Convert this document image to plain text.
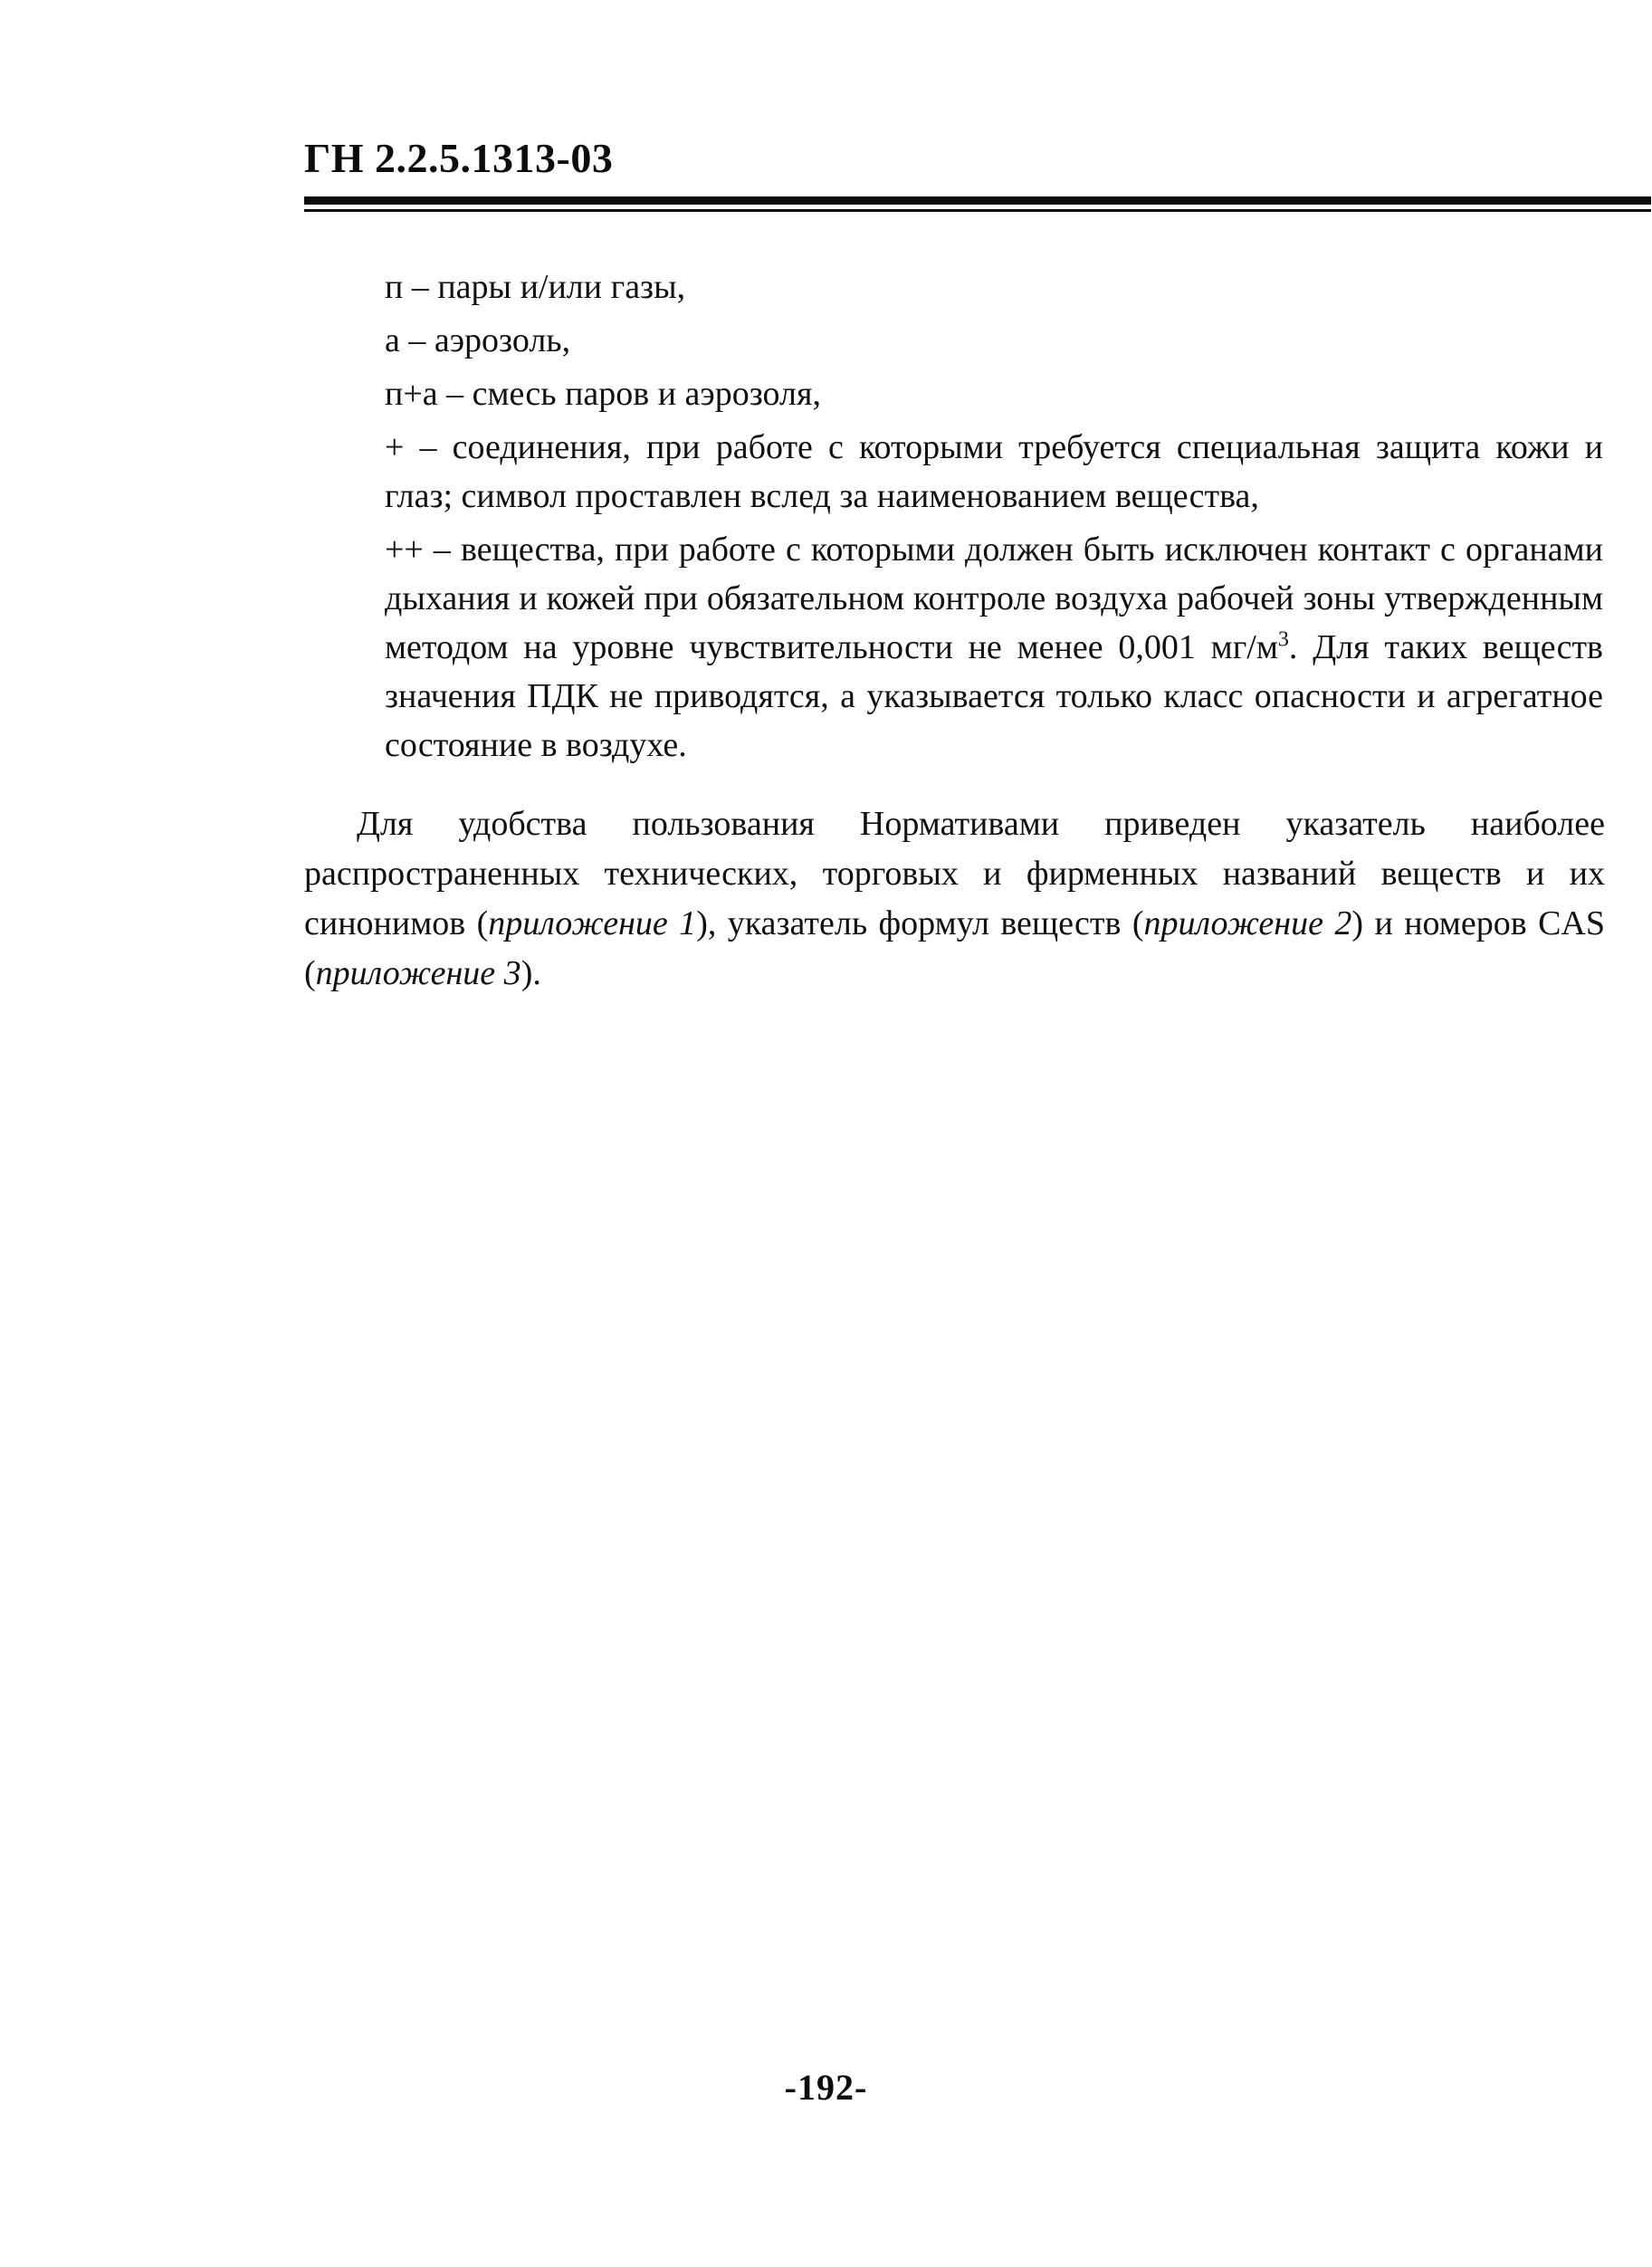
ГН 2.2.5.1313-03
п – пары и/или газы,
а – аэрозоль,
п+а – смесь паров и аэрозоля,
+ – соединения, при работе с которыми требуется специальная защита кожи и глаз; символ проставлен вслед за наименованием вещества,
++ – вещества, при работе с которыми должен быть исключен контакт с органами дыхания и кожей при обязательном контроле воздуха рабочей зоны утвержденным методом на уровне чувствительности не менее 0,001 $мг/м^3$. Для таких веществ значения ПДК не приводятся, а указывается только класс опасности и агрегатное состояние в воздухе.

Для удобства пользования Нормативами приведен указатель наиболее распространенных технических, торговых и фирменных названий веществ и их синонимов (приложение 1), указатель формул веществ (приложение 2) и номеров CAS (приложение 3).

-192-
